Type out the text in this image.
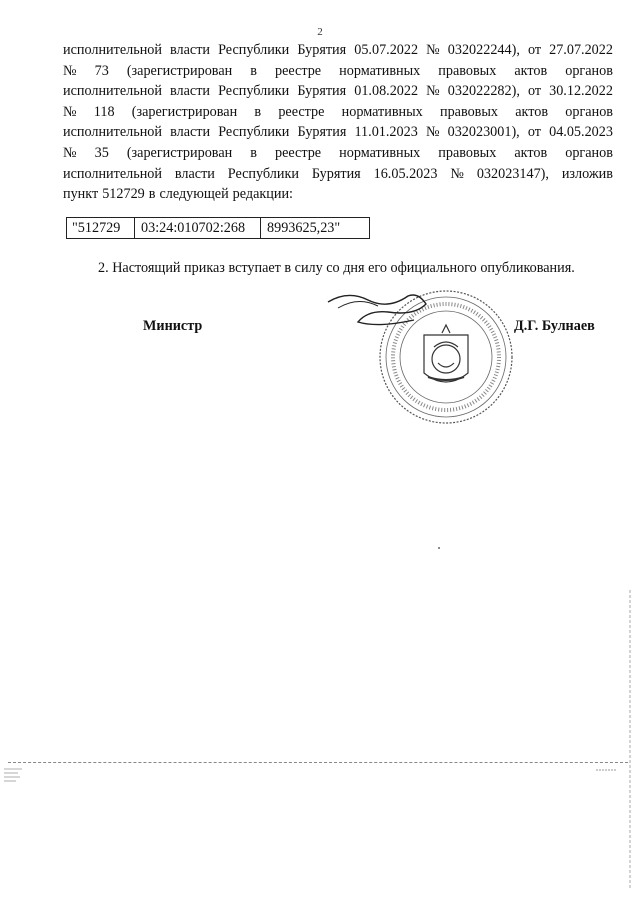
2
исполнительной власти Республики Бурятия 05.07.2022 № 032022244), от 27.07.2022
№ 73 (зарегистрирован в реестре нормативных правовых актов органов
исполнительной власти Республики Бурятия 01.08.2022 № 032022282), от 30.12.2022
№ 118 (зарегистрирован в реестре нормативных правовых актов органов
исполнительной власти Республики Бурятия 11.01.2023 № 032023001), от 04.05.2023
№ 35 (зарегистрирован в реестре нормативных правовых актов органов
исполнительной власти Республики Бурятия 16.05.2023 № 032023147), изложив
пункт 512729 в следующей редакции:
"512729	03:24:010702:268	8993625,23"
2. Настоящий приказ вступает в силу со дня его официального опубликования.
Министр	Д.Г. Булнаев
